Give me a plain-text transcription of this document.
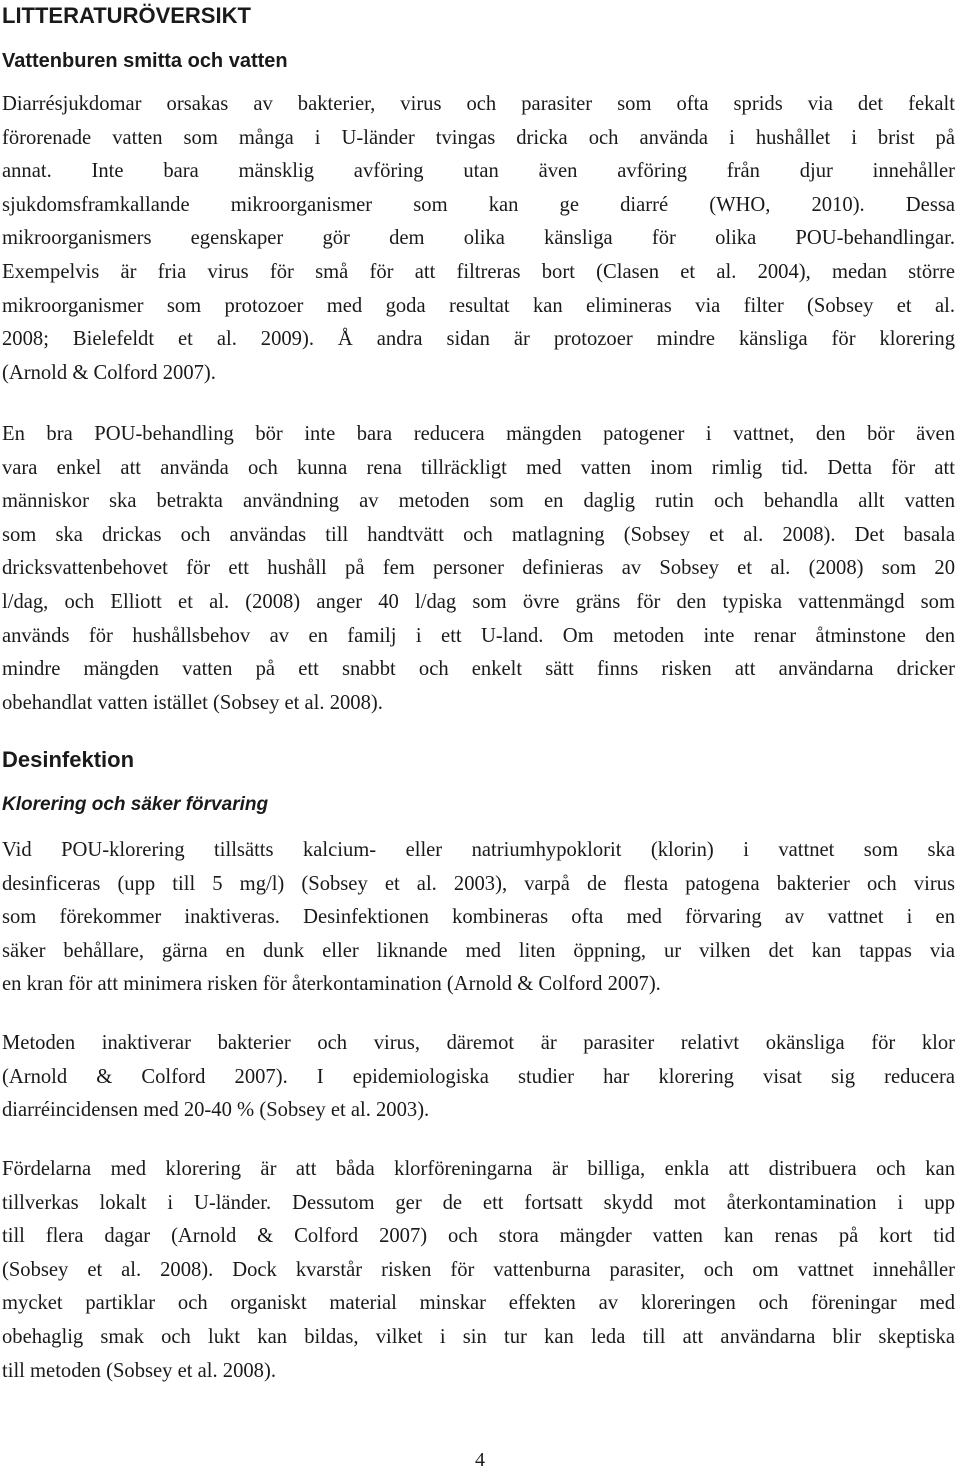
LITTERATURÖVERSIKT
Vattenburen smitta och vatten
Diarrésjukdomar orsakas av bakterier, virus och parasiter som ofta sprids via det fekalt
förorenade vatten som många i U-länder tvingas dricka och använda i hushållet i brist på
annat. Inte bara mänsklig avföring utan även avföring från djur innehåller
sjukdomsframkallande mikroorganismer som kan ge diarré (WHO, 2010). Dessa
mikroorganismers egenskaper gör dem olika känsliga för olika POU-behandlingar.
Exempelvis är fria virus för små för att filtreras bort (Clasen et al. 2004), medan större
mikroorganismer som protozoer med goda resultat kan elimineras via filter (Sobsey et al.
2008; Bielefeldt et al. 2009). Å andra sidan är protozoer mindre känsliga för klorering
(Arnold & Colford 2007).
En bra POU-behandling bör inte bara reducera mängden patogener i vattnet, den bör även
vara enkel att använda och kunna rena tillräckligt med vatten inom rimlig tid. Detta för att
människor ska betrakta användning av metoden som en daglig rutin och behandla allt vatten
som ska drickas och användas till handtvätt och matlagning (Sobsey et al. 2008). Det basala
dricksvattenbehovet för ett hushåll på fem personer definieras av Sobsey et al. (2008) som 20
l/dag, och Elliott et al. (2008) anger 40 l/dag som övre gräns för den typiska vattenmängd som
används för hushållsbehov av en familj i ett U-land. Om metoden inte renar åtminstone den
mindre mängden vatten på ett snabbt och enkelt sätt finns risken att användarna dricker
obehandlat vatten istället (Sobsey et al. 2008).
Desinfektion
Klorering och säker förvaring
Vid POU-klorering tillsätts kalcium- eller natriumhypoklorit (klorin) i vattnet som ska
desinficeras (upp till 5 mg/l) (Sobsey et al. 2003), varpå de flesta patogena bakterier och virus
som förekommer inaktiveras. Desinfektionen kombineras ofta med förvaring av vattnet i en
säker behållare, gärna en dunk eller liknande med liten öppning, ur vilken det kan tappas via
en kran för att minimera risken för återkontamination (Arnold & Colford 2007).
Metoden inaktiverar bakterier och virus, däremot är parasiter relativt okänsliga för klor
(Arnold & Colford 2007). I epidemiologiska studier har klorering visat sig reducera
diarréincidensen med 20-40 % (Sobsey et al. 2003).
Fördelarna med klorering är att båda klorföreningarna är billiga, enkla att distribuera och kan
tillverkas lokalt i U-länder. Dessutom ger de ett fortsatt skydd mot återkontamination i upp
till flera dagar (Arnold & Colford 2007) och stora mängder vatten kan renas på kort tid
(Sobsey et al. 2008). Dock kvarstår risken för vattenburna parasiter, och om vattnet innehåller
mycket partiklar och organiskt material minskar effekten av kloreringen och föreningar med
obehaglig smak och lukt kan bildas, vilket i sin tur kan leda till att användarna blir skeptiska
till metoden (Sobsey et al. 2008).
4
